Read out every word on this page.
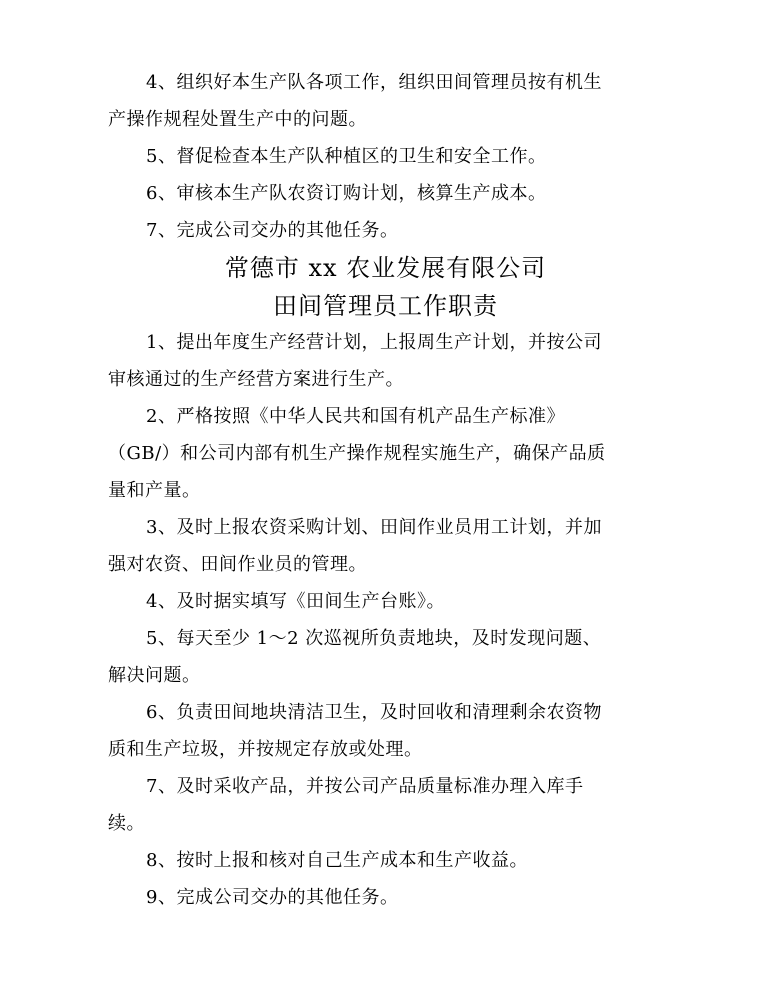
4、组织好本生产队各项工作，组织田间管理员按有机生
产操作规程处置生产中的问题。

5、督促检查本生产队种植区的卫生和安全工作。

6、审核本生产队农资订购计划，核算生产成本。

7、完成公司交办的其他任务。

常德市 xx 农业发展有限公司
田间管理员工作职责

1、提出年度生产经营计划，上报周生产计划，并按公司
审核通过的生产经营方案进行生产。

2、严格按照《中华人民共和国有机产品生产标准》
（GB/）和公司内部有机生产操作规程实施生产，确保产品质
量和产量。

3、及时上报农资采购计划、田间作业员用工计划，并加
强对农资、田间作业员的管理。

4、及时据实填写《田间生产台账》。

5、每天至少 1～2 次巡视所负责地块，及时发现问题、
解决问题。

6、负责田间地块清洁卫生，及时回收和清理剩余农资物
质和生产垃圾，并按规定存放或处理。

7、及时采收产品，并按公司产品质量标准办理入库手
续。

8、按时上报和核对自己生产成本和生产收益。

9、完成公司交办的其他任务。
